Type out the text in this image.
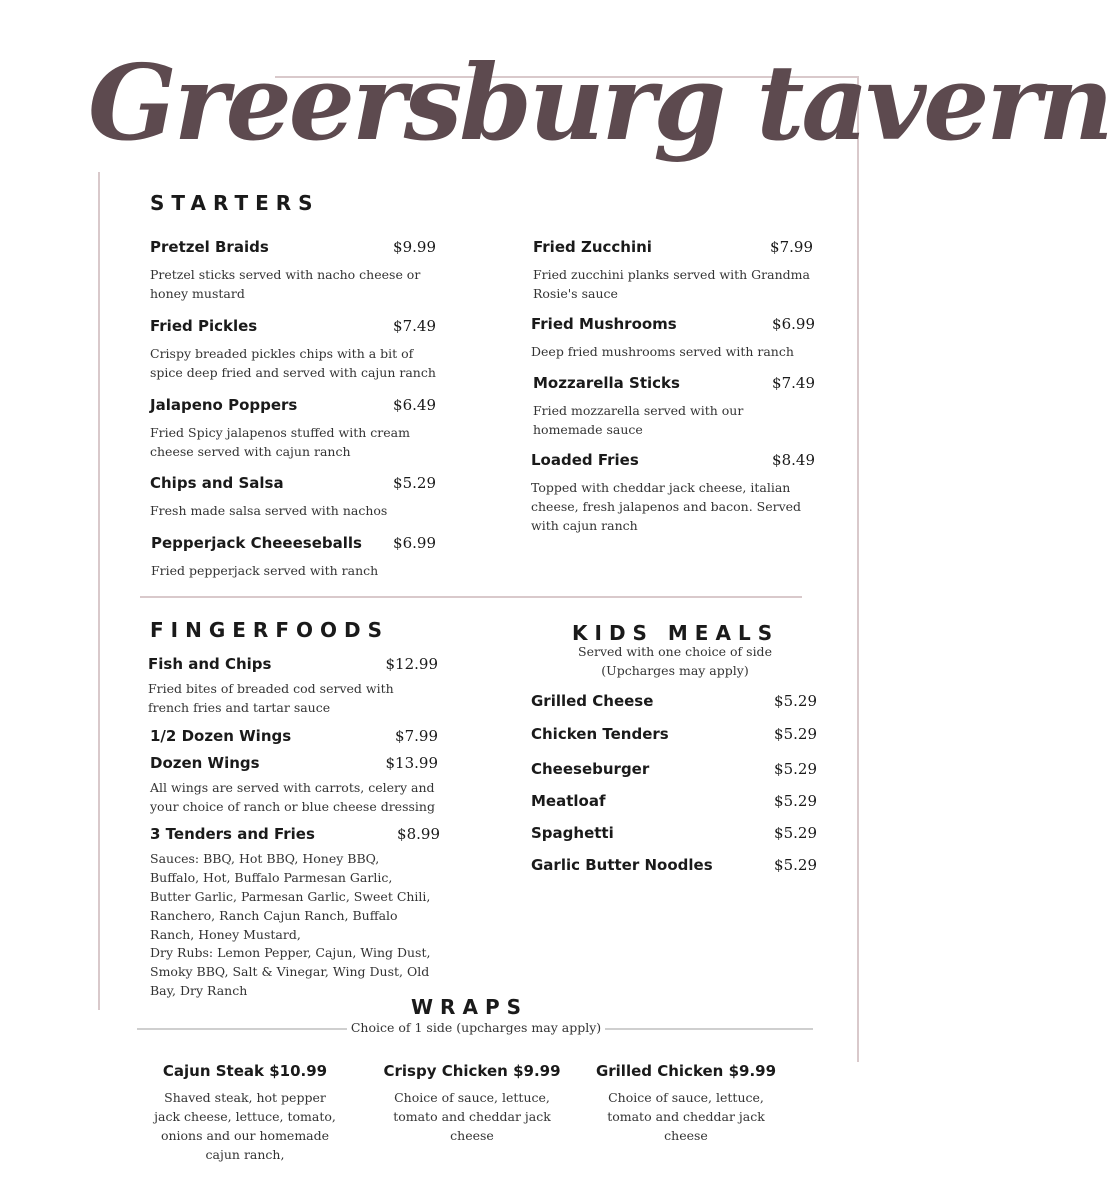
Greersburg tavern
STARTERS
Pretzel Braids	$9.99
Pretzel sticks served with nacho cheese or honey mustard
Fried Pickles	$7.49
Crispy breaded pickles chips with a bit of spice deep fried and served with cajun ranch
Jalapeno Poppers	$6.49
Fried Spicy jalapenos stuffed with cream cheese served with cajun ranch
Chips and Salsa	$5.29
Fresh made salsa served with nachos
Pepperjack Cheeeseballs $6.99
Fried pepperjack served with ranch
Fried Zucchini	$7.99
Fried zucchini planks served with Grandma Rosie's sauce
Fried Mushrooms	$6.99
Deep fried mushrooms served with ranch
Mozzarella Sticks	$7.49
Fried mozzarella served with our homemade sauce
Loaded Fries	$8.49
Topped with cheddar jack cheese, italian cheese, fresh jalapenos and bacon. Served with cajun ranch
FINGERFOODS
Fish and Chips	$12.99
Fried bites of breaded cod served with french fries and tartar sauce
1/2 Dozen Wings	$7.99
Dozen Wings	$13.99
All wings are served with carrots, celery and your choice of ranch or blue cheese dressing
3 Tenders and Fries	$8.99
Sauces: BBQ, Hot BBQ, Honey BBQ, Buffalo, Hot, Buffalo Parmesan Garlic, Butter Garlic, Parmesan Garlic, Sweet Chili, Ranchero, Ranch Cajun Ranch, Buffalo Ranch, Honey Mustard,
Dry Rubs: Lemon Pepper, Cajun, Wing Dust, Smoky BBQ, Salt & Vinegar, Wing Dust, Old Bay, Dry Ranch
KIDS MEALS
Served with one choice of side
(Upcharges may apply)
Grilled Cheese	$5.29
Chicken Tenders	$5.29
Cheeseburger	$5.29
Meatloaf	$5.29
Spaghetti	$5.29
Garlic Butter Noodles	$5.29
WRAPS
Choice of 1 side (upcharges may apply)
Cajun Steak $10.99
Shaved steak, hot pepper jack cheese, lettuce, tomato, onions and our homemade cajun ranch,
Crispy Chicken $9.99
Choice of sauce, lettuce, tomato and cheddar jack cheese
Grilled Chicken $9.99
Choice of sauce, lettuce, tomato and cheddar jack cheese
